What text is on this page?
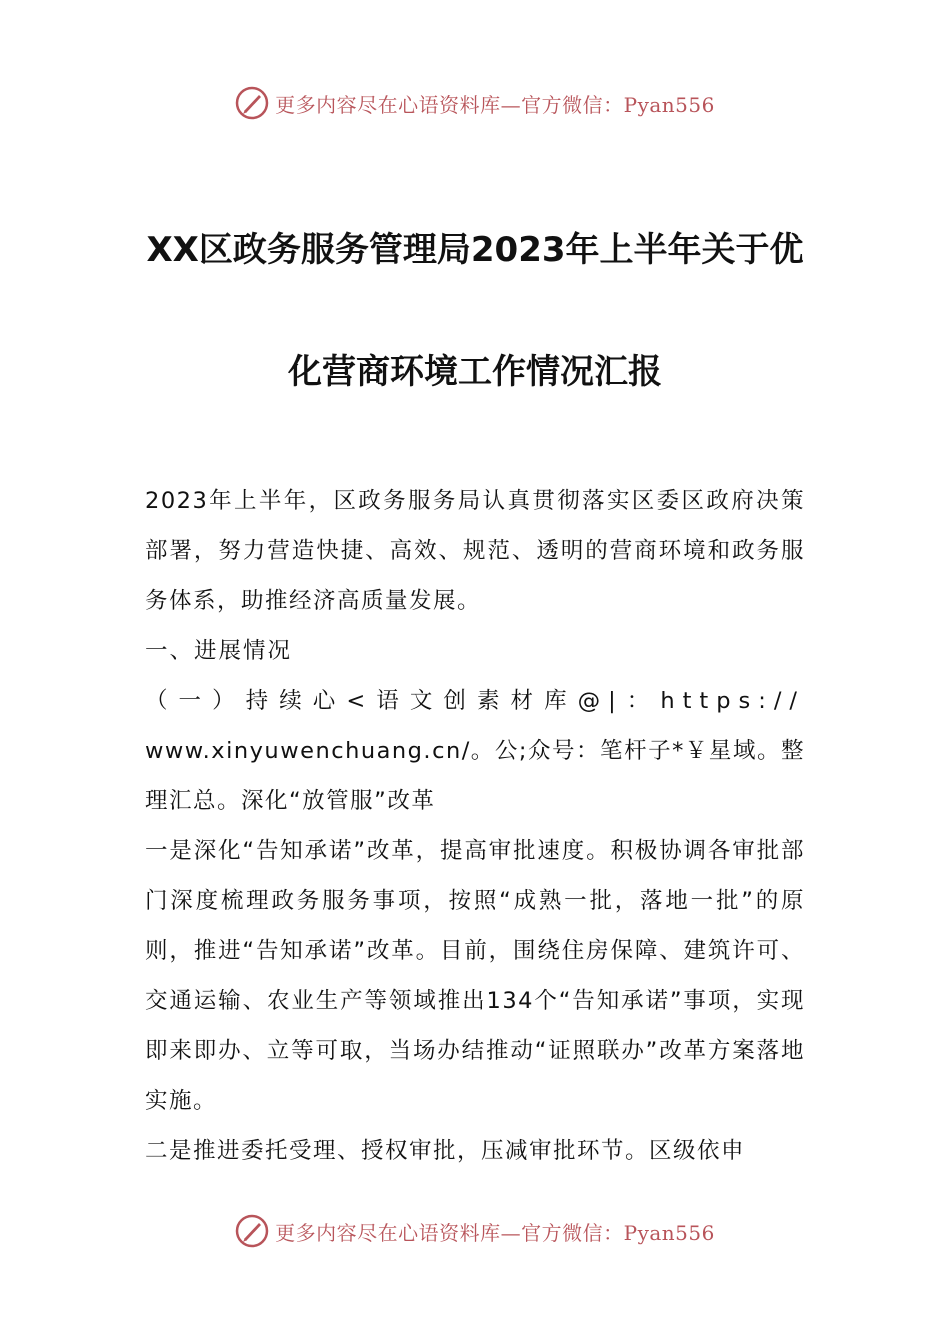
更多内容尽在心语资料库—官方微信：Pyan556
XX区政务服务管理局2023年上半年关于优
化营商环境工作情况汇报

2023年上半年，区政务服务局认真贯彻落实区委区政府决策部署，努力营造快捷、高效、规范、透明的营商环境和政务服务体系，助推经济高质量发展。

一、进展情况

（一）持续心<语文创素材库@|：https://

www.xinyuwenchuang.cn/。公;众号：笔杆子*￥星域。整理汇总。深化“放管服”改革

一是深化“告知承诺”改革，提高审批速度。积极协调各审批部门深度梳理政务服务事项，按照“成熟一批，落地一批”的原则，推进“告知承诺”改革。目前，围绕住房保障、建筑许可、交通运输、农业生产等领域推出134个“告知承诺”事项，实现即来即办、立等可取，当场办结推动“证照联办”改革方案落地实施。

二是推进委托受理、授权审批，压减审批环节。区级依申

更多内容尽在心语资料库—官方微信：Pyan556
